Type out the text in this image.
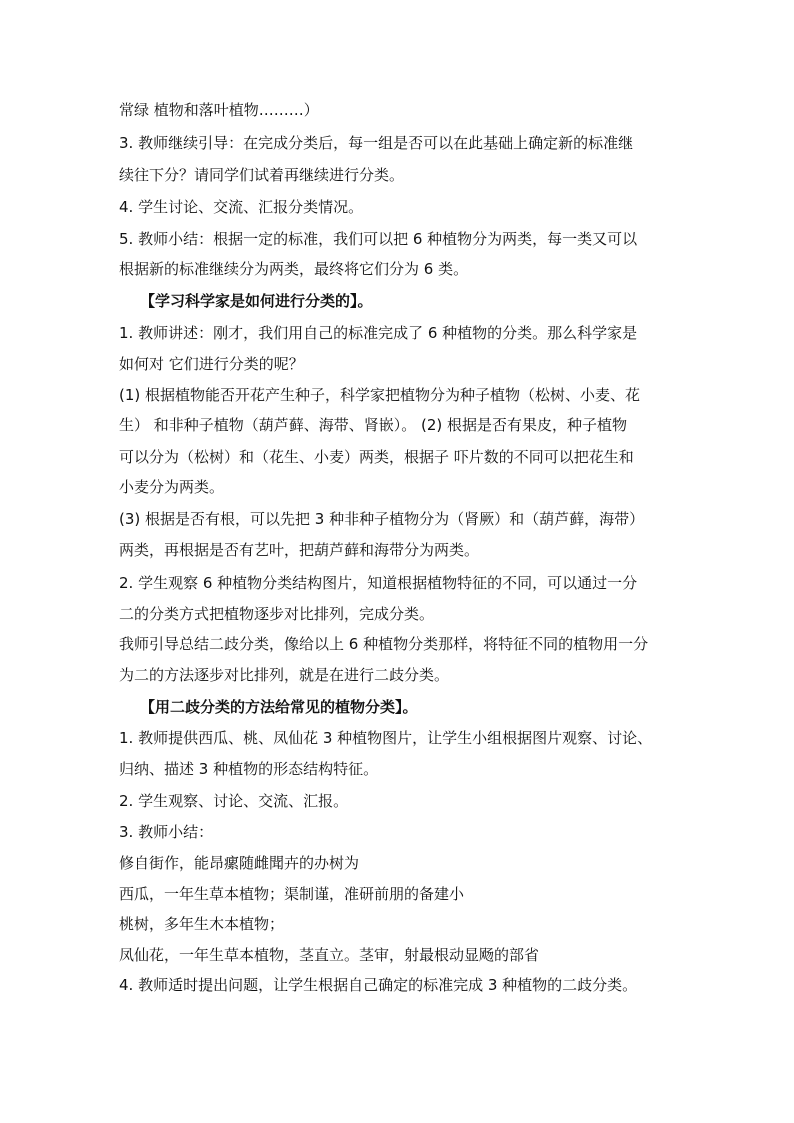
常绿 植物和落叶植物………）
3. 教师继续引导：在完成分类后，每一组是否可以在此基础上确定新的标准继
续往下分？请同学们试着再继续进行分类。
4. 学生讨论、交流、汇报分类情况。
5. 教师小结：根据一定的标准，我们可以把 6 种植物分为两类，每一类又可以
根据新的标准继续分为两类，最终将它们分为 6 类。
【学习科学家是如何进行分类的】。
1. 教师讲述：刚才，我们用自己的标准完成了 6 种植物的分类。那么科学家是
如何对 它们进行分类的呢？
(1) 根据植物能否开花产生种子，科学家把植物分为种子植物（松树、小麦、花
生） 和非种子植物（葫芦藓、海带、肾嵌）。 (2) 根据是否有果皮，种子植物
可以分为（松树）和（花生、小麦）两类，根据子 吓片数的不同可以把花生和
小麦分为两类。
(3) 根据是否有根，可以先把 3 种非种子植物分为（肾厥）和（葫芦藓，海带）
两类，再根据是否有艺叶，把葫芦藓和海带分为两类。
2. 学生观察 6 种植物分类结构图片，知道根据植物特征的不同，可以通过一分
二的分类方式把植物逐步对比排列，完成分类。
我师引导总结二歧分类，像给以上 6 种植物分类那样，将特征不同的植物用一分
为二的方法逐步对比排列，就是在进行二歧分类。
【用二歧分类的方法给常见的植物分类】。
1. 教师提供西瓜、桃、凤仙花 3 种植物图片，让学生小组根据图片观察、讨论、
归纳、描述 3 种植物的形态结构特征。
2. 学生观察、讨论、交流、汇报。
3. 教师小结：
修自街作，能昂瘰随雌聞卉的办树为
西瓜，一年生草本植物；渠制谨，准研前朋的备建小
桃树，多年生木本植物；
凤仙花，一年生草本植物，茎直立。茎审，射最根动显飏的部省
4. 教师适时提出问题，让学生根据自己确定的标准完成 3 种植物的二歧分类。
